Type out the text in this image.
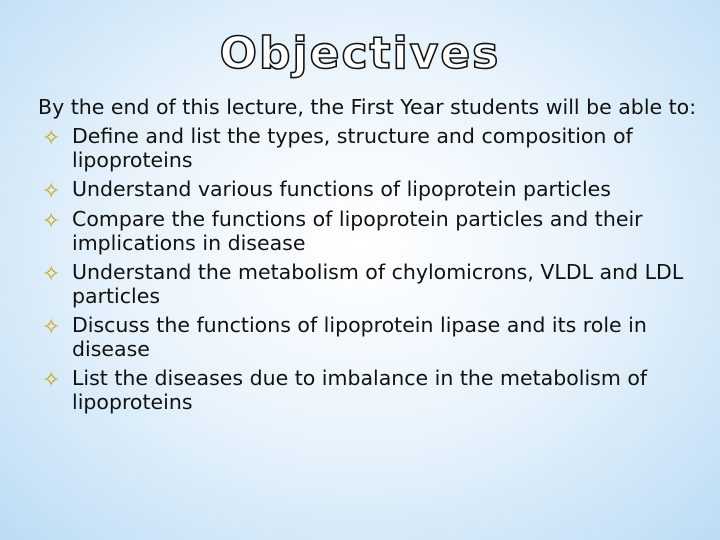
Objectives

By the end of this lecture, the First Year students will be able to:

✧ Define and list the types, structure and composition of lipoproteins
✧ Understand various functions of lipoprotein particles
✧ Compare the functions of lipoprotein particles and their implications in disease
✧ Understand the metabolism of chylomicrons, VLDL and LDL particles
✧ Discuss the functions of lipoprotein lipase and its role in disease
✧ List the diseases due to imbalance in the metabolism of lipoproteins
